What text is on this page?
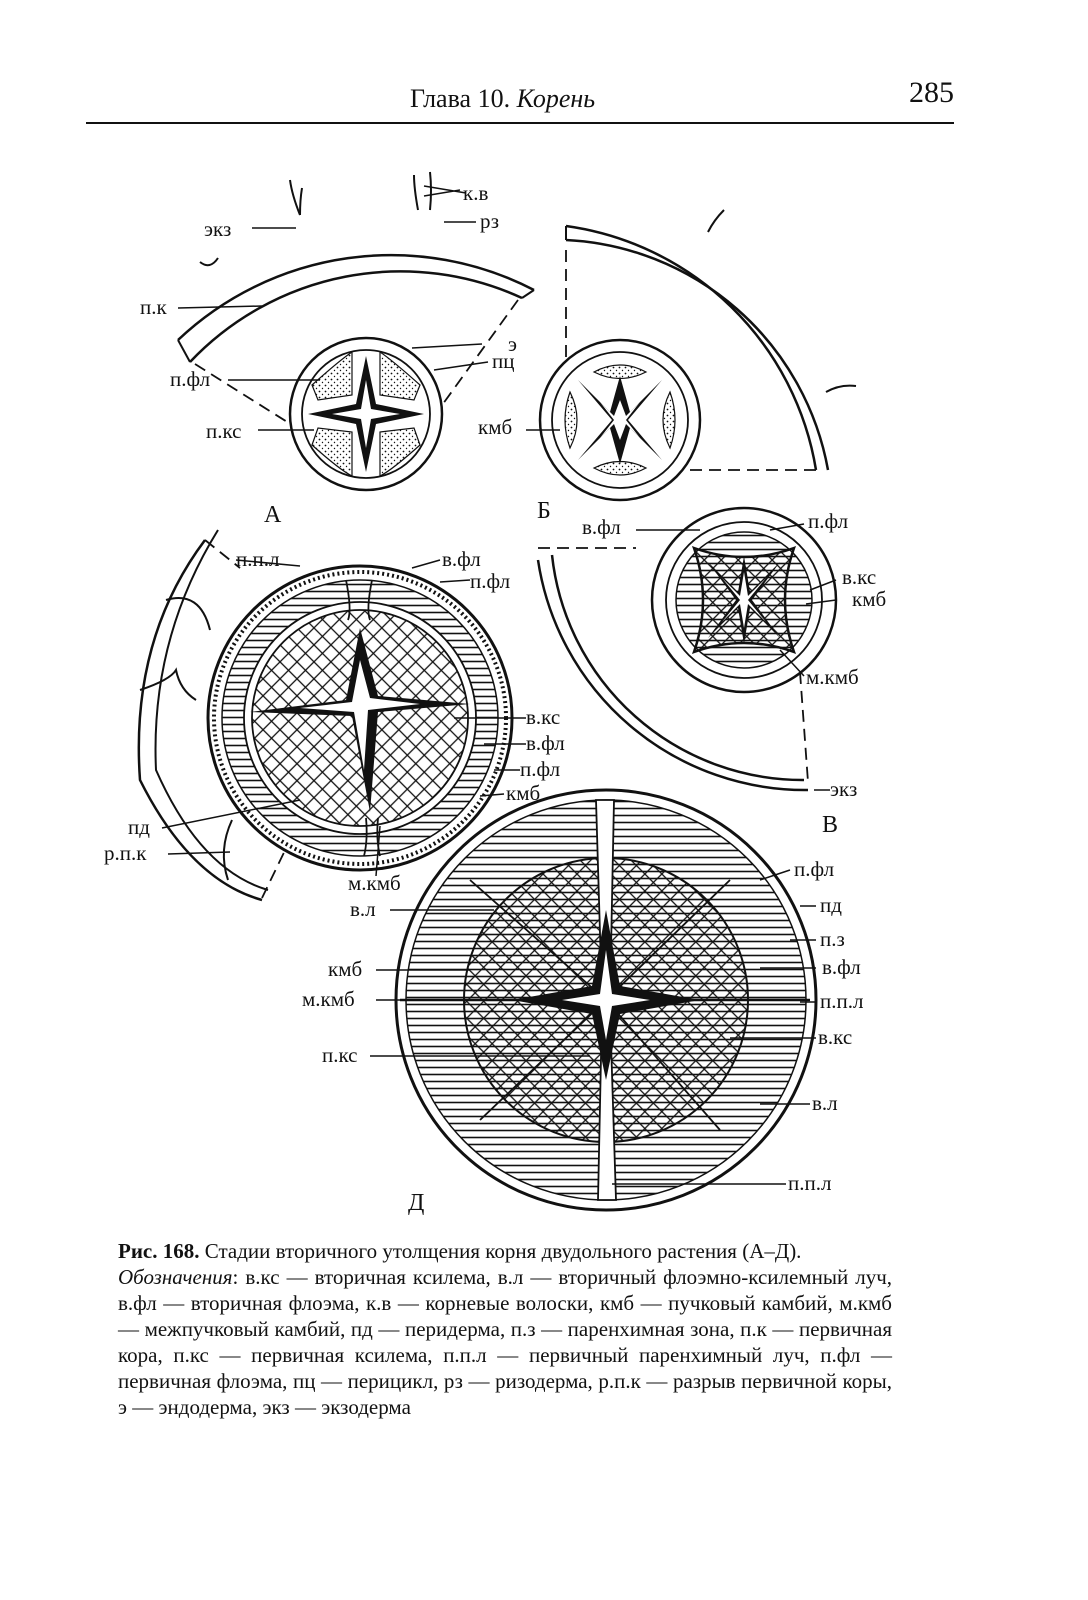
Глава 10. Корень	285
к.в
рз
экз
п.к
э
пц
п.фл
п.кс	кмб
А	Б
в.фл	п.фл
в.кс
кмб
м.кмб
экз
В
п.п.л	в.фл
п.фл
в.кс
в.фл
п.фл
кмб
пд
р.п.к
м.кмб
в.л
кмб
м.кмб
п.кс
п.фл
пд
п.з
в.фл
п.п.л
в.кс
в.л
п.п.л
Д

Рис. 168. Стадии вторичного утолщения корня двудольного растения (А–Д).

Обозначения: в.кс — вторичная ксилема, в.л — вторичный флоэмно-ксилемный луч, в.фл — вторичная флоэма, к.в — корневые волоски, кмб — пучковый камбий, м.кмб — межпучковый камбий, пд — перидерма, п.з — паренхимная зона, п.к — первичная кора, п.кс — первичная ксилема, п.п.л — первичный паренхимный луч, п.фл — первичная флоэма, пц — перицикл, рз — ризодерма, р.п.к — разрыв первичной коры, э — эндодерма, экз — экзодерма
